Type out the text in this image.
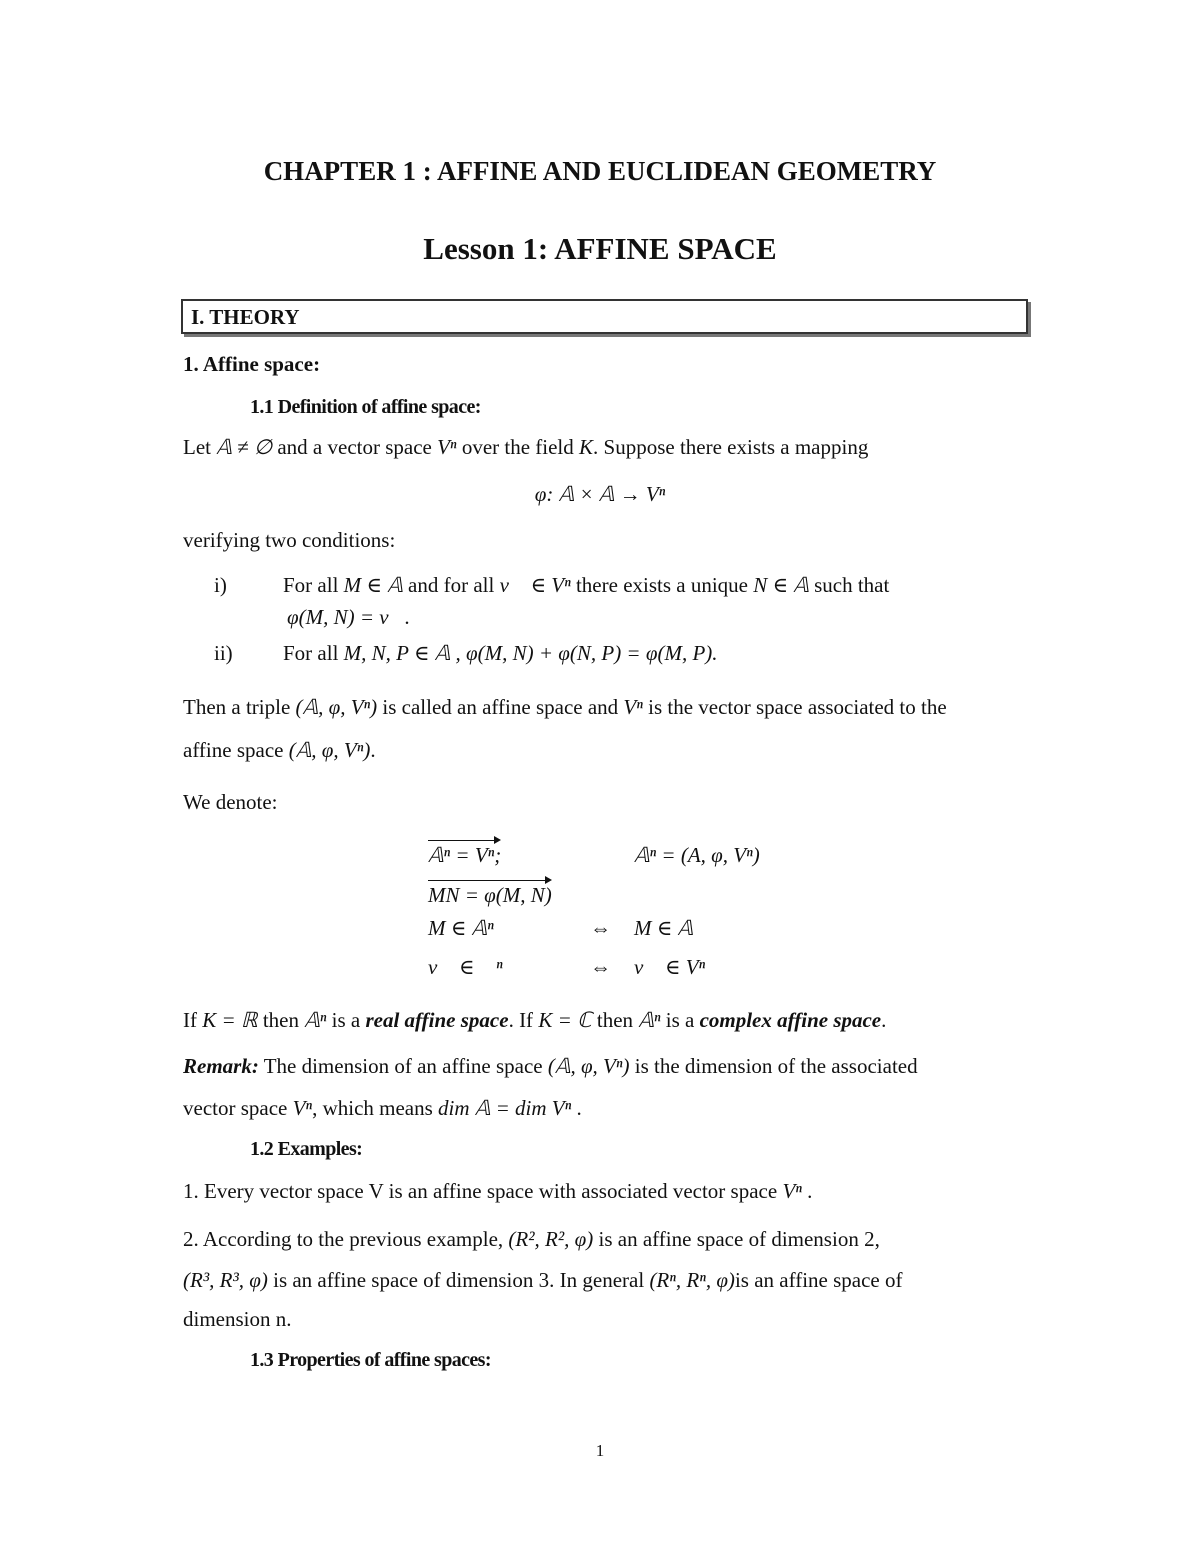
CHAPTER 1 : AFFINE AND EUCLIDEAN GEOMETRY
Lesson 1: AFFINE SPACE
I. THEORY
1. Affine space:
1.1 Definition of affine space:
Let 𝔸 ≠ ∅ and a vector space Vⁿ over the field K. Suppose there exists a mapping
φ: 𝔸 × 𝔸 → Vⁿ
verifying two conditions:
i)	For all M ∈ 𝔸 and for all v⃗ ∈ Vⁿ there exists a unique N ∈ 𝔸 such that
φ(M, N) = v⃗.
ii) For all M, N, P ∈ 𝔸 , φ(M, N) + φ(N, P) = φ(M, P).
Then a triple (𝔸, φ, Vⁿ) is called an affine space and Vⁿ is the vector space associated to the
affine space (𝔸, φ, Vⁿ).
We denote:
𝔸ⁿ = Vⁿ;	𝔸ⁿ = (A, φ, Vⁿ)
MN = φ(M, N)
M ∈ 𝔸ⁿ	⇔ M ∈ 𝔸
v⃗ ∈ 𝔸ⁿ	⇔ v⃗ ∈ Vⁿ
If K = ℝ then 𝔸ⁿ is a real affine space. If K = ℂ then 𝔸ⁿ is a complex affine space.
Remark: The dimension of an affine space (𝔸, φ, Vⁿ) is the dimension of the associated
vector space Vⁿ, which means dim 𝔸 = dim Vⁿ .
1.2 Examples:
1. Every vector space V is an affine space with associated vector space Vⁿ .
2. According to the previous example, (R², R², φ) is an affine space of dimension 2,
(R³, R³, φ) is an affine space of dimension 3. In general (Rⁿ, Rⁿ, φ)is an affine space of
dimension n.
1.3 Properties of affine spaces:
1
